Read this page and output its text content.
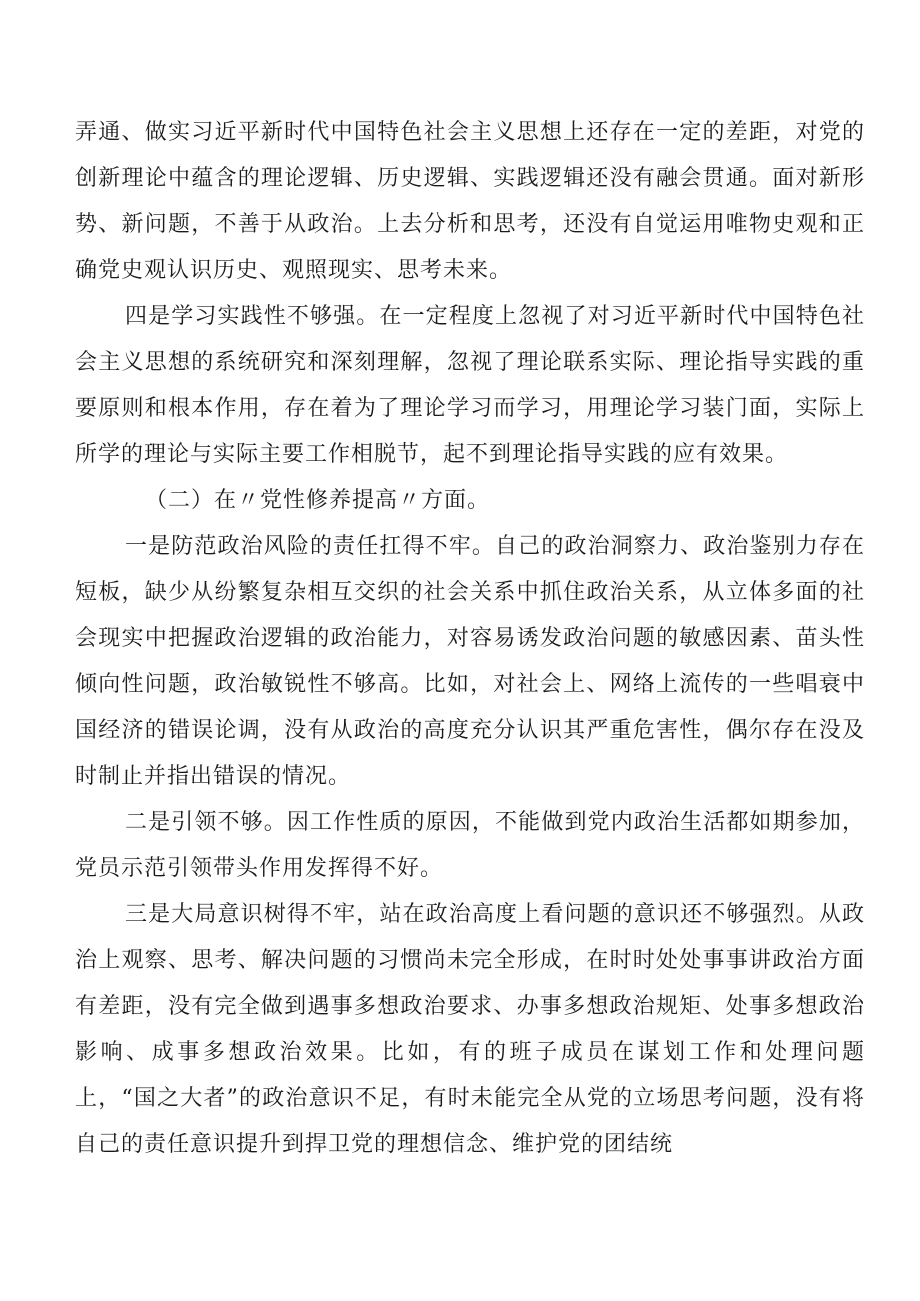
弄通、做实习近平新时代中国特色社会主义思想上还存在一定的差距，对党的创新理论中蕴含的理论逻辑、历史逻辑、实践逻辑还没有融会贯通。面对新形势、新问题，不善于从政治。上去分析和思考，还没有自觉运用唯物史观和正确党史观认识历史、观照现实、思考未来。

四是学习实践性不够强。在一定程度上忽视了对习近平新时代中国特色社会主义思想的系统研究和深刻理解，忽视了理论联系实际、理论指导实践的重要原则和根本作用，存在着为了理论学习而学习，用理论学习装门面，实际上所学的理论与实际主要工作相脱节，起不到理论指导实践的应有效果。

（二）在〃党性修养提高〃方面。

一是防范政治风险的责任扛得不牢。自己的政治洞察力、政治鉴别力存在短板，缺少从纷繁复杂相互交织的社会关系中抓住政治关系，从立体多面的社会现实中把握政治逻辑的政治能力，对容易诱发政治问题的敏感因素、苗头性倾向性问题，政治敏锐性不够高。比如，对社会上、网络上流传的一些唱衰中国经济的错误论调，没有从政治的高度充分认识其严重危害性，偶尔存在没及时制止并指出错误的情况。

二是引领不够。因工作性质的原因，不能做到党内政治生活都如期参加，党员示范引领带头作用发挥得不好。

三是大局意识树得不牢，站在政治高度上看问题的意识还不够强烈。从政治上观察、思考、解决问题的习惯尚未完全形成，在时时处处事事讲政治方面有差距，没有完全做到遇事多想政治要求、办事多想政治规矩、处事多想政治影响、成事多想政治效果。比如，有的班子成员在谋划工作和处理问题上，“国之大者”的政治意识不足，有时未能完全从党的立场思考问题，没有将自己的责任意识提升到捍卫党的理想信念、维护党的团结统
